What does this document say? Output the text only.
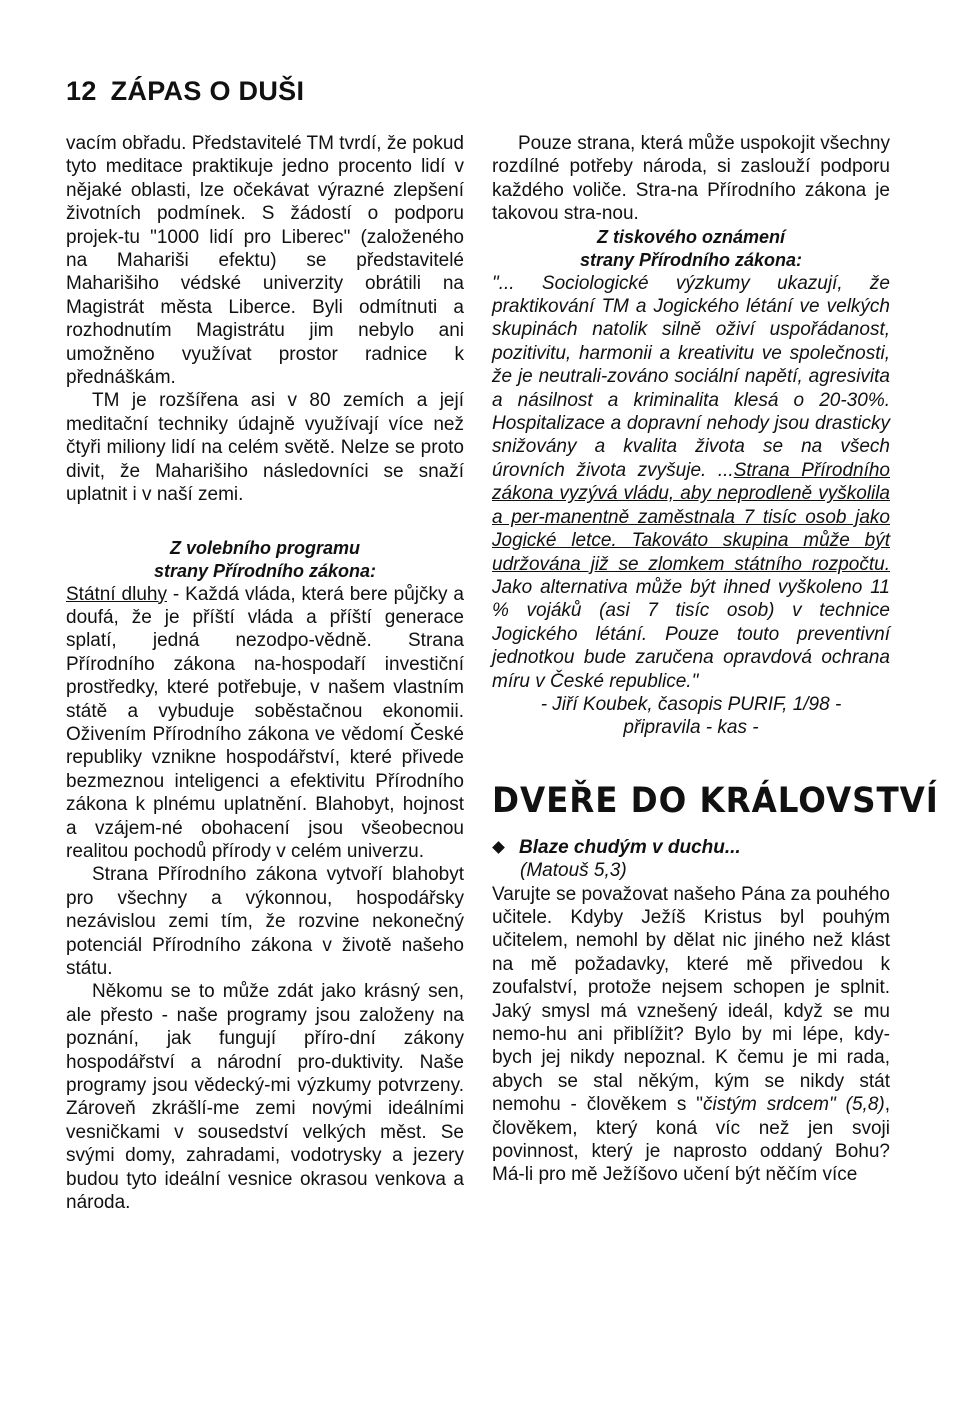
12 ZÁPAS O DUŠI

vacím obřadu. Představitelé TM tvrdí, že pokud tyto meditace praktikuje jedno procento lidí v nějaké oblasti, lze očekávat výrazné zlepšení životních podmínek. S žádostí o podporu projek-tu "1000 lidí pro Liberec" (založeného na Mahariši efektu) se představitelé Maharišiho védské univerzity obrátili na Magistrát města Liberce. Byli odmítnuti a rozhodnutím Magistrátu jim nebylo ani umožněno využívat prostor radnice k přednáškám.

TM je rozšířena asi v 80 zemích a její meditační techniky údajně využívají více než čtyři miliony lidí na celém světě. Nelze se proto divit, že Maharišiho následovníci se snaží uplatnit i v naší zemi.

Z volebního programu
strany Přírodního zákona:

Státní dluhy - Každá vláda, která bere půjčky a doufá, že je příští vláda a příští generace splatí, jedná nezodpo-vědně. Strana Přírodního zákona na-hospodaří investiční prostředky, které potřebuje, v našem vlastním státě a vybuduje soběstačnou ekonomii. Oživením Přírodního zákona ve vědomí České republiky vznikne hospodářství, které přivede bezmeznou inteligenci a efektivitu Přírodního zákona k plnému uplatnění. Blahobyt, hojnost a vzájem-né obohacení jsou všeobecnou realitou pochodů přírody v celém univerzu.

Strana Přírodního zákona vytvoří blahobyt pro všechny a výkonnou, hospodářsky nezávislou zemi tím, že rozvine nekonečný potenciál Přírodního zákona v životě našeho státu.

Někomu se to může zdát jako krásný sen, ale přesto - naše programy jsou založeny na poznání, jak fungují příro-dní zákony hospodářství a národní pro-duktivity. Naše programy jsou vědecký-mi výzkumy potvrzeny. Zároveň zkrášlí-me zemi novými ideálními vesničkami v sousedství velkých měst. Se svými domy, zahradami, vodotrysky a jezery budou tyto ideální vesnice okrasou venkova a národa.

Pouze strana, která může uspokojit všechny rozdílné potřeby národa, si zaslouží podporu každého voliče. Stra-na Přírodního zákona je takovou stra-nou.

Z tiskového oznámení
strany Přírodního zákona:

"... Sociologické výzkumy ukazují, že praktikování TM a Jogického létání ve velkých skupinách natolik silně oživí uspořádanost, pozitivitu, harmonii a kreativitu ve společnosti, že je neutrali-zováno sociální napětí, agresivita a násilnost a kriminalita klesá o 20-30%. Hospitalizace a dopravní nehody jsou drasticky snižovány a kvalita života se na všech úrovních života zvyšuje. ...Strana Přírodního zákona vyzývá vládu, aby neprodleně vyškolila a per-manentně zaměstnala 7 tisíc osob jako Jogické letce. Takováto skupina může být udržována již se zlomkem státního rozpočtu. Jako alternativa může být ihned vyškoleno 11 % vojáků (asi 7 tisíc osob) v technice Jogického létání. Pouze touto preventivní jednotkou bude zaručena opravdová ochrana míru v České republice."

- Jiří Koubek, časopis PURIF, 1/98 -

připravila - kas -

DVEŘE DO KRÁLOVSTVÍ

Blaze chudým v duchu...

(Matouš 5,3)

Varujte se považovat našeho Pána za pouhého učitele. Kdyby Ježíš Kristus byl pouhým učitelem, nemohl by dělat nic jiného než klást na mě požadavky, které mě přivedou k zoufalství, protože nejsem schopen je splnit. Jaký smysl má vznešený ideál, když se mu nemo-hu ani přiblížit? Bylo by mi lépe, kdy-bych jej nikdy nepoznal. K čemu je mi rada, abych se stal někým, kým se nikdy stát nemohu - člověkem s "čistým srdcem" (5,8), člověkem, který koná víc než jen svoji povinnost, který je naprosto oddaný Bohu? Má-li pro mě Ježíšovo učení být něčím více
